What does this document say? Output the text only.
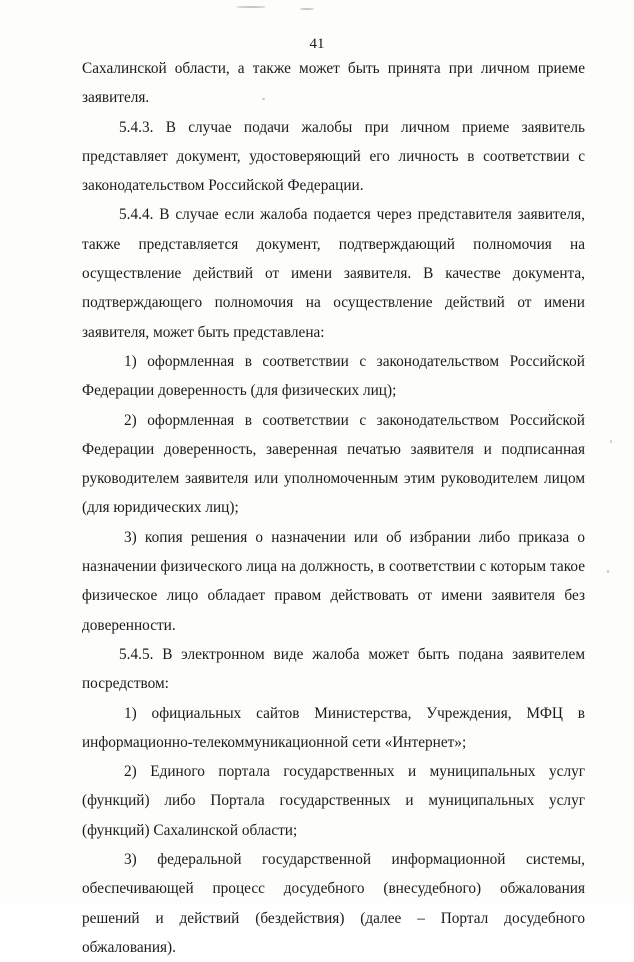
41

Сахалинской области, а также может быть принята при личном приеме заявителя.

5.4.3. В случае подачи жалобы при личном приеме заявитель представляет документ, удостоверяющий его личность в соответствии с законодательством Российской Федерации.

5.4.4. В случае если жалоба подается через представителя заявителя, также представляется документ, подтверждающий полномочия на осуществление действий от имени заявителя. В качестве документа, подтверждающего полномочия на осуществление действий от имени заявителя, может быть представлена:

1) оформленная в соответствии с законодательством Российской Федерации доверенность (для физических лиц);

2) оформленная в соответствии с законодательством Российской Федерации доверенность, заверенная печатью заявителя и подписанная руководителем заявителя или уполномоченным этим руководителем лицом (для юридических лиц);

3) копия решения о назначении или об избрании либо приказа о назначении физического лица на должность, в соответствии с которым такое физическое лицо обладает правом действовать от имени заявителя без доверенности.

5.4.5. В электронном виде жалоба может быть подана заявителем посредством:

1) официальных сайтов Министерства, Учреждения, МФЦ в информационно-телекоммуникационной сети «Интернет»;

2) Единого портала государственных и муниципальных услуг (функций) либо Портала государственных и муниципальных услуг (функций) Сахалинской области;

3) федеральной государственной информационной системы, обеспечивающей процесс досудебного (внесудебного) обжалования решений и действий (бездействия) (далее – Портал досудебного обжалования).
